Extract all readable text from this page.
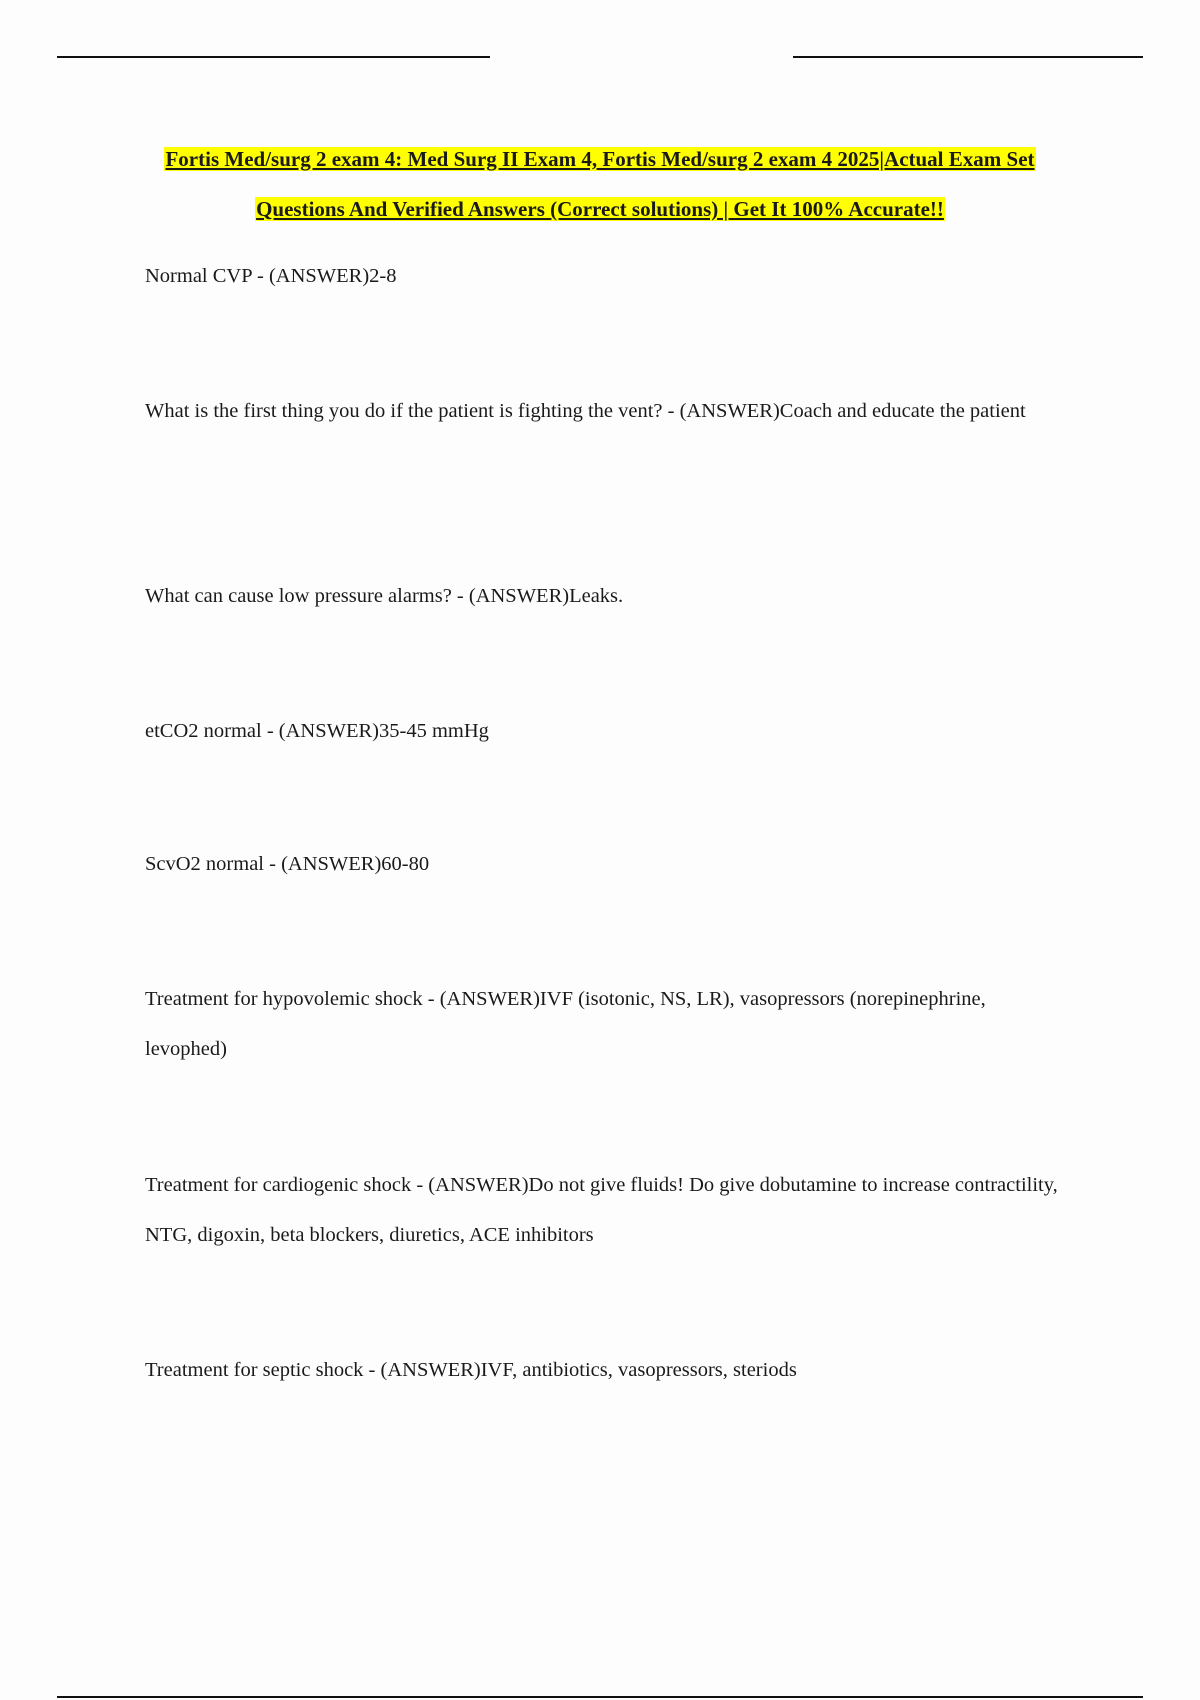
Fortis Med/surg 2 exam 4: Med Surg II Exam 4, Fortis Med/surg 2 exam 4 2025|Actual Exam Set
Questions And Verified Answers (Correct solutions) | Get It 100% Accurate!!

Normal CVP - (ANSWER)2-8

What is the first thing you do if the patient is fighting the vent? - (ANSWER)Coach and educate the patient

What can cause low pressure alarms? - (ANSWER)Leaks.

etCO2 normal - (ANSWER)35-45 mmHg

ScvO2 normal - (ANSWER)60-80

Treatment for hypovolemic shock - (ANSWER)IVF (isotonic, NS, LR), vasopressors (norepinephrine, levophed)

Treatment for cardiogenic shock - (ANSWER)Do not give fluids! Do give dobutamine to increase contractility, NTG, digoxin, beta blockers, diuretics, ACE inhibitors

Treatment for septic shock - (ANSWER)IVF, antibiotics, vasopressors, steriods
